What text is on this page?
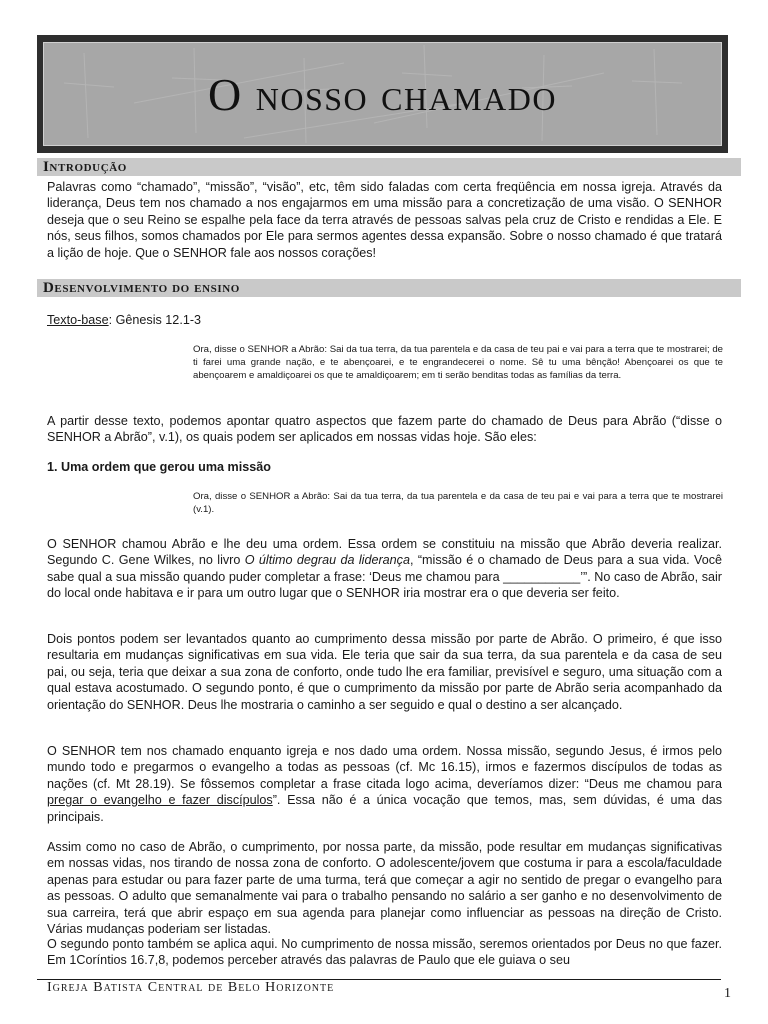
O nosso chamado
Introdução

Palavras como “chamado”, “missão”, “visão”, etc, têm sido faladas com certa freqüência em nossa igreja. Através da liderança, Deus tem nos chamado a nos engajarmos em uma missão para a concretização de uma visão. O SENHOR deseja que o seu Reino se espalhe pela face da terra através de pessoas salvas pela cruz de Cristo e rendidas a Ele. E nós, seus filhos, somos chamados por Ele para sermos agentes dessa expansão. Sobre o nosso chamado é que tratará a lição de hoje. Que o SENHOR fale aos nossos corações!

Desenvolvimento do ensino

Texto-base: Gênesis 12.1-3

Ora, disse o SENHOR a Abrão: Sai da tua terra, da tua parentela e da casa de teu pai e vai para a terra que te mostrarei; de ti farei uma grande nação, e te abençoarei, e te engrandecerei o nome. Sê tu uma bênção! Abençoarei os que te abençoarem e amaldiçoarei os que te amaldiçoarem; em ti serão benditas todas as famílias da terra.

A partir desse texto, podemos apontar quatro aspectos que fazem parte do chamado de Deus para Abrão (“disse o SENHOR a Abrão”, v.1), os quais podem ser aplicados em nossas vidas hoje. São eles:

1. Uma ordem que gerou uma missão

Ora, disse o SENHOR a Abrão: Sai da tua terra, da tua parentela e da casa de teu pai e vai para a terra que te mostrarei (v.1).

O SENHOR chamou Abrão e lhe deu uma ordem. Essa ordem se constituiu na missão que Abrão deveria realizar. Segundo C. Gene Wilkes, no livro O último degrau da liderança, “missão é o chamado de Deus para a sua vida. Você sabe qual a sua missão quando puder completar a frase: ‘Deus me chamou para ___________’”. No caso de Abrão, sair do local onde habitava e ir para um outro lugar que o SENHOR iria mostrar era o que deveria ser feito.

Dois pontos podem ser levantados quanto ao cumprimento dessa missão por parte de Abrão. O primeiro, é que isso resultaria em mudanças significativas em sua vida. Ele teria que sair da sua terra, da sua parentela e da casa de seu pai, ou seja, teria que deixar a sua zona de conforto, onde tudo lhe era familiar, previsível e seguro, uma situação com a qual estava acostumado. O segundo ponto, é que o cumprimento da missão por parte de Abrão seria acompanhado da orientação do SENHOR. Deus lhe mostraria o caminho a ser seguido e qual o destino a ser alcançado.

O SENHOR tem nos chamado enquanto igreja e nos dado uma ordem. Nossa missão, segundo Jesus, é irmos pelo mundo todo e pregarmos o evangelho a todas as pessoas (cf. Mc 16.15), irmos e fazermos discípulos de todas as nações (cf. Mt 28.19). Se fôssemos completar a frase citada logo acima, deveríamos dizer: “Deus me chamou para pregar o evangelho e fazer discípulos”. Essa não é a única vocação que temos, mas, sem dúvidas, é uma das principais.

Assim como no caso de Abrão, o cumprimento, por nossa parte, da missão, pode resultar em mudanças significativas em nossas vidas, nos tirando de nossa zona de conforto. O adolescente/jovem que costuma ir para a escola/faculdade apenas para estudar ou para fazer parte de uma turma, terá que começar a agir no sentido de pregar o evangelho para as pessoas. O adulto que semanalmente vai para o trabalho pensando no salário a ser ganho e no desenvolvimento de sua carreira, terá que abrir espaço em sua agenda para planejar como influenciar as pessoas na direção de Cristo. Várias mudanças poderiam ser listadas.

O segundo ponto também se aplica aqui. No cumprimento de nossa missão, seremos orientados por Deus no que fazer. Em 1Coríntios 16.7,8, podemos perceber através das palavras de Paulo que ele guiava o seu

Igreja Batista Central de Belo Horizonte	1
